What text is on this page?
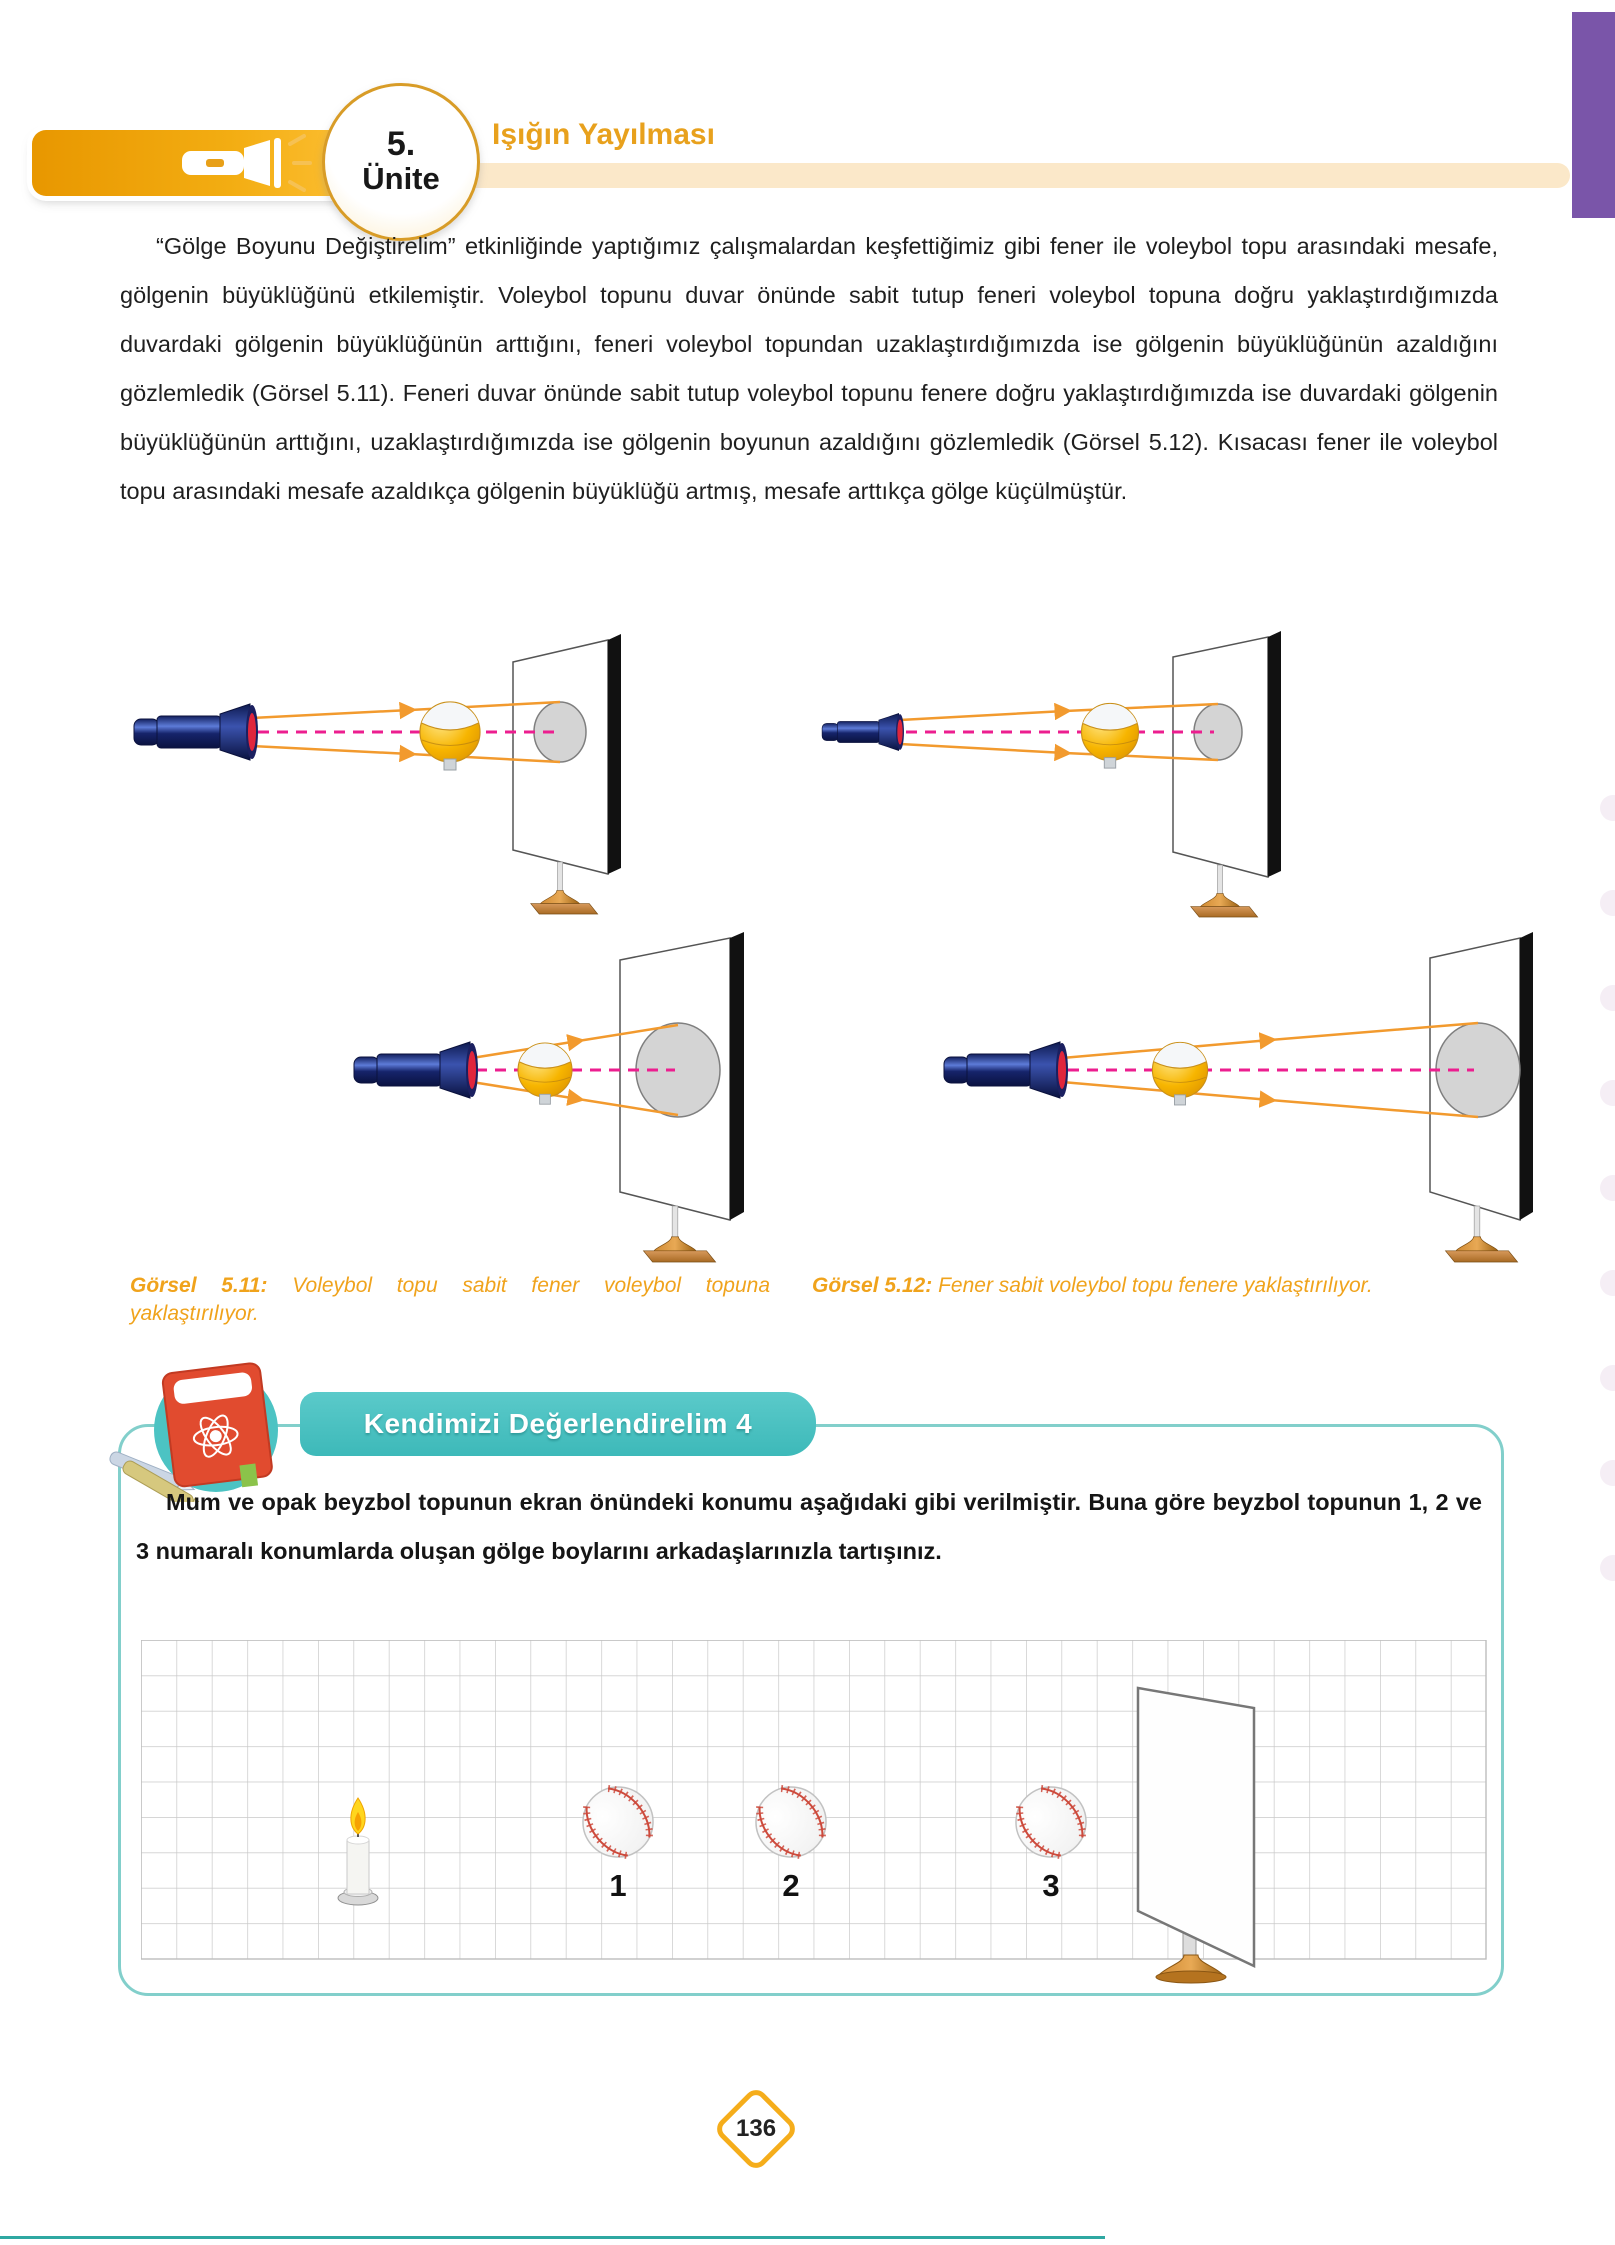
5.
Ünite
Işığın Yayılması

“Gölge Boyunu Değiştirelim” etkinliğinde yaptığımız çalışmalardan keşfettiğimiz gibi fener ile voleybol topu arasındaki mesafe, gölgenin büyüklüğünü etkilemiştir. Voleybol topunu duvar önünde sabit tutup feneri voleybol topuna doğru yaklaştırdığımızda duvardaki gölgenin büyüklüğünün arttığını, feneri voleybol topundan uzaklaştırdığımızda ise gölgenin büyüklüğünün azaldığını gözlemledik (Görsel 5.11). Feneri duvar önünde sabit tutup voleybol topunu fenere doğru yaklaştırdığımızda ise duvardaki gölgenin büyüklüğünün arttığını, uzaklaştırdığımızda ise gölgenin boyunun azaldığını gözlemledik (Görsel 5.12). Kısacası fener ile voleybol topu arasındaki mesafe azaldıkça gölgenin büyüklüğü artmış, mesafe arttıkça gölge küçülmüştür.

Görsel 5.11: Voleybol topu sabit fener voleybol topuna yaklaştırılıyor.
Görsel 5.12: Fener sabit voleybol topu fenere yaklaştırılıyor.
Kendimizi Değerlendirelim 4
Mum ve opak beyzbol topunun ekran önündeki konumu aşağıdaki gibi verilmiştir. Buna göre beyzbol topunun 1, 2 ve 3 numaralı konumlarda oluşan gölge boylarını arkadaşlarınızla tartışınız.
1	2	3
136
